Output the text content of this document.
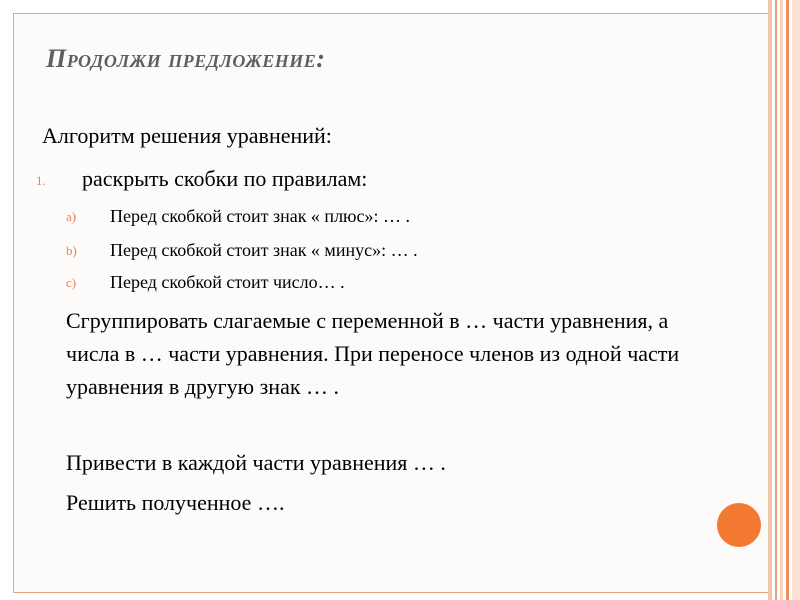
Продолжи предложение:
Алгоритм решения уравнений:
1. раскрыть скобки по правилам:
a) Перед скобкой стоит знак « плюс»: … .
b) Перед скобкой стоит знак « минус»: … .
c) Перед скобкой стоит число… .
Сгруппировать слагаемые с переменной в … части уравнения, а числа в … части уравнения. При переносе членов из одной части уравнения в другую знак … .
Привести в каждой части уравнения … .
Решить полученное ….
